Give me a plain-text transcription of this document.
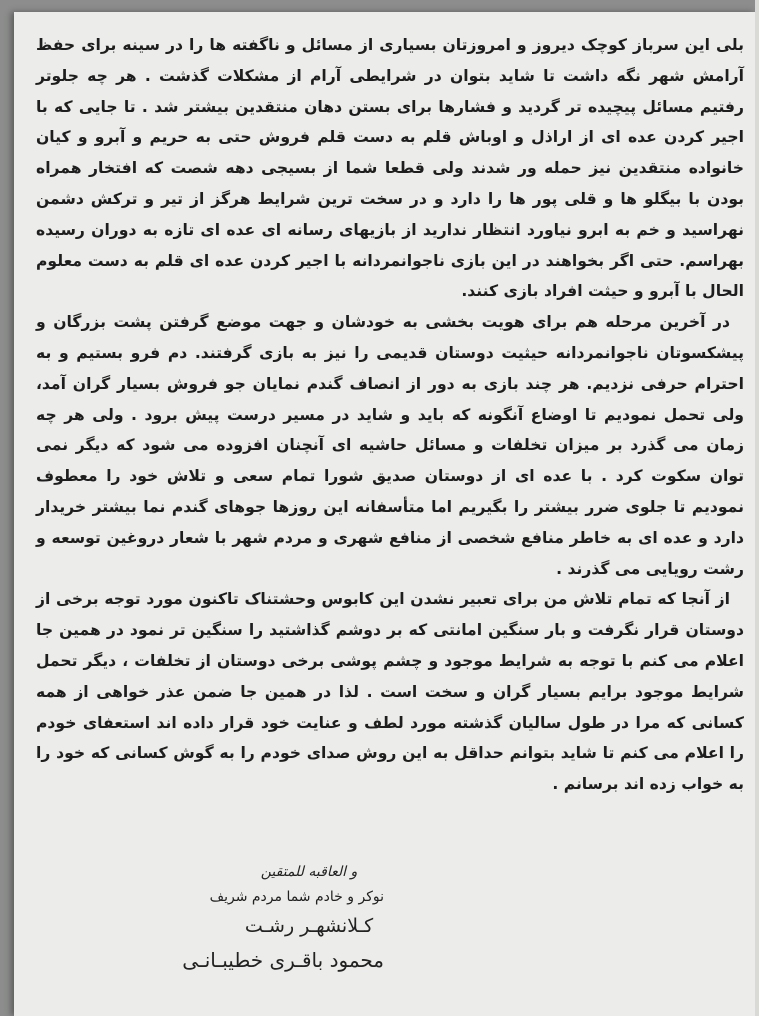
بلی این سرباز کوچک دیروز و امروزتان بسیاری از مسائل و ناگفته ها را در سینه برای حفظ آرامش شهر نگه داشت تا شاید بتوان در شرایطی آرام از مشکلات گذشت . هر چه جلوتر رفتیم مسائل پیچیده تر گردید و فشارها برای بستن دهان منتقدین بیشتر شد . تا جایی که با اجیر کردن عده ای از اراذل و اوباش قلم به دست قلم فروش حتی به حریم و آبرو و کیان خانواده منتقدین نیز حمله ور شدند ولی قطعا شما از بسیجی دهه شصت که افتخار همراه بودن با بیگلو ها و قلی پور ها را دارد و در سخت ترین شرایط هرگز از تیر و ترکش دشمن نهراسید و خم به ابرو نیاورد انتظار ندارید از بازیهای رسانه ای عده ای تازه به دوران رسیده بهراسم. حتی اگر بخواهند در این بازی ناجوانمردانه با اجیر کردن عده ای قلم به دست معلوم الحال با آبرو و حیثت افراد بازی کنند.

در آخرین مرحله هم برای هویت بخشی به خودشان و جهت موضع گرفتن پشت بزرگان و پیشکسوتان ناجوانمردانه حیثیت دوستان قدیمی را نیز به بازی گرفتند. دم فرو بستیم و به احترام حرفی نزدیم. هر چند بازی به دور از انصاف گندم نمایان جو فروش بسیار گران آمد، ولی تحمل نمودیم تا اوضاع آنگونه که باید و شاید در مسیر درست پیش برود . ولی هر چه زمان می گذرد بر میزان تخلفات و مسائل حاشیه ای آنچنان افزوده می شود که دیگر نمی توان سکوت کرد . با عده ای از دوستان صدیق شورا تمام سعی و تلاش خود را معطوف نمودیم تا جلوی ضرر بیشتر را بگیریم اما متأسفانه این روزها جوهای گندم نما بیشتر خریدار دارد و عده ای به خاطر منافع شخصی از منافع شهری و مردم شهر با شعار دروغین توسعه و رشت رویایی می گذرند .

از آنجا که تمام تلاش من برای تعبیر نشدن این کابوس وحشتناک تاکنون مورد توجه برخی از دوستان قرار نگرفت و بار سنگین امانتی که بر دوشم گذاشتید را سنگین تر نمود در همین جا اعلام می کنم با توجه به شرایط موجود و چشم پوشی برخی دوستان از تخلفات ، دیگر تحمل شرایط موجود برایم بسیار گران و سخت است . لذا در همین جا ضمن عذر خواهی از همه کسانی که مرا در طول سالیان گذشته مورد لطف و عنایت خود قرار داده اند استعفای خودم را اعلام می کنم تا شاید بتوانم حداقل به این روش صدای خودم را به گوش کسانی که خود را به خواب زده اند برسانم .

و العاقبه للمتقین
نوکر و خادم شما مردم شریف
کـلانشهـر رشـت
محمود باقـری خطیبـانـی
